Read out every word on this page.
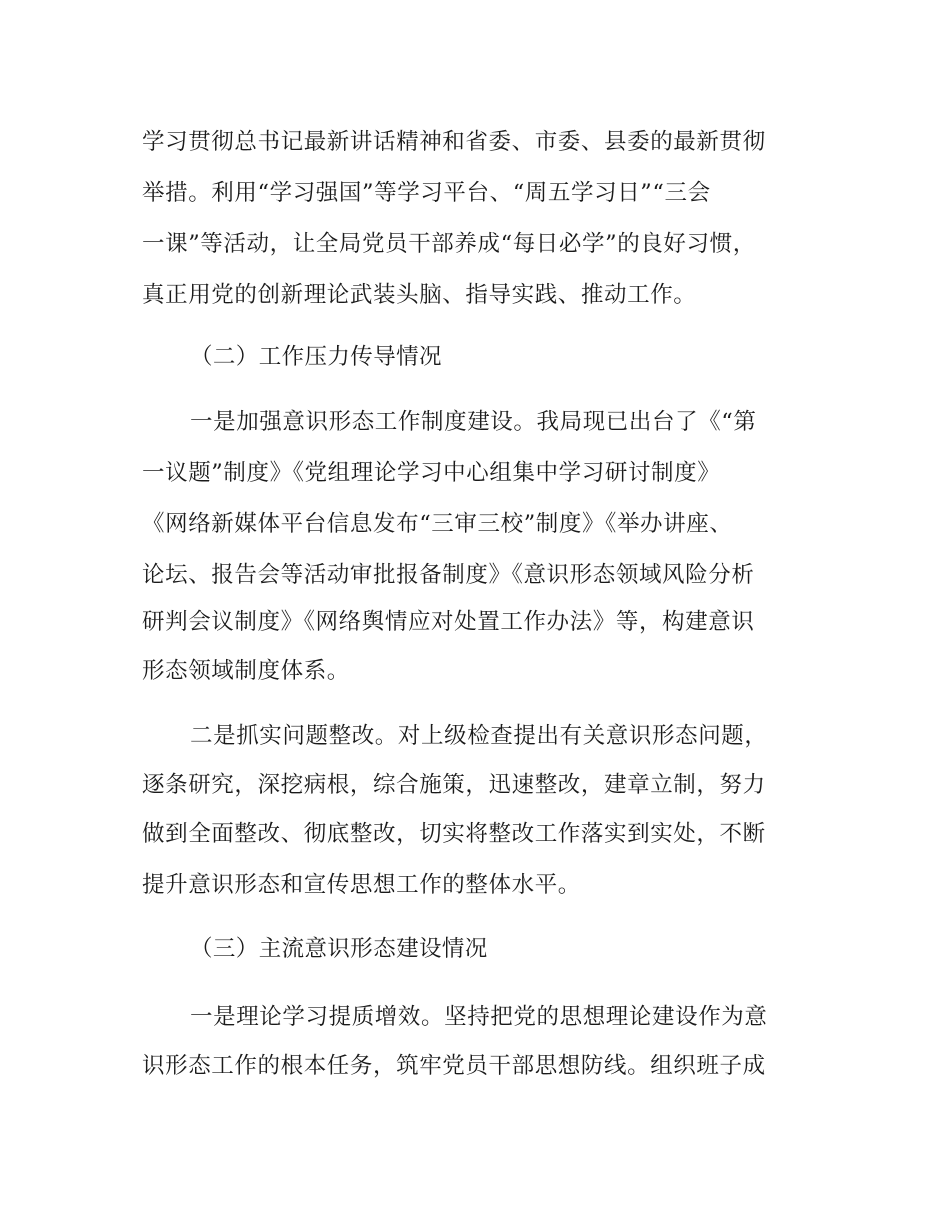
学习贯彻总书记最新讲话精神和省委、市委、县委的最新贯彻
举措。利用“学习强国”等学习平台、“周五学习日”“三会
一课”等活动，让全局党员干部养成“每日必学”的良好习惯，
真正用党的创新理论武装头脑、指导实践、推动工作。
（二）工作压力传导情况
一是加强意识形态工作制度建设。我局现已出台了《“第
一议题”制度》《党组理论学习中心组集中学习研讨制度》
《网络新媒体平台信息发布“三审三校”制度》《举办讲座、
论坛、报告会等活动审批报备制度》《意识形态领域风险分析
研判会议制度》《网络舆情应对处置工作办法》等，构建意识
形态领域制度体系。
二是抓实问题整改。对上级检查提出有关意识形态问题，
逐条研究，深挖病根，综合施策，迅速整改，建章立制，努力
做到全面整改、彻底整改，切实将整改工作落实到实处，不断
提升意识形态和宣传思想工作的整体水平。
（三）主流意识形态建设情况
一是理论学习提质增效。坚持把党的思想理论建设作为意
识形态工作的根本任务，筑牢党员干部思想防线。组织班子成
